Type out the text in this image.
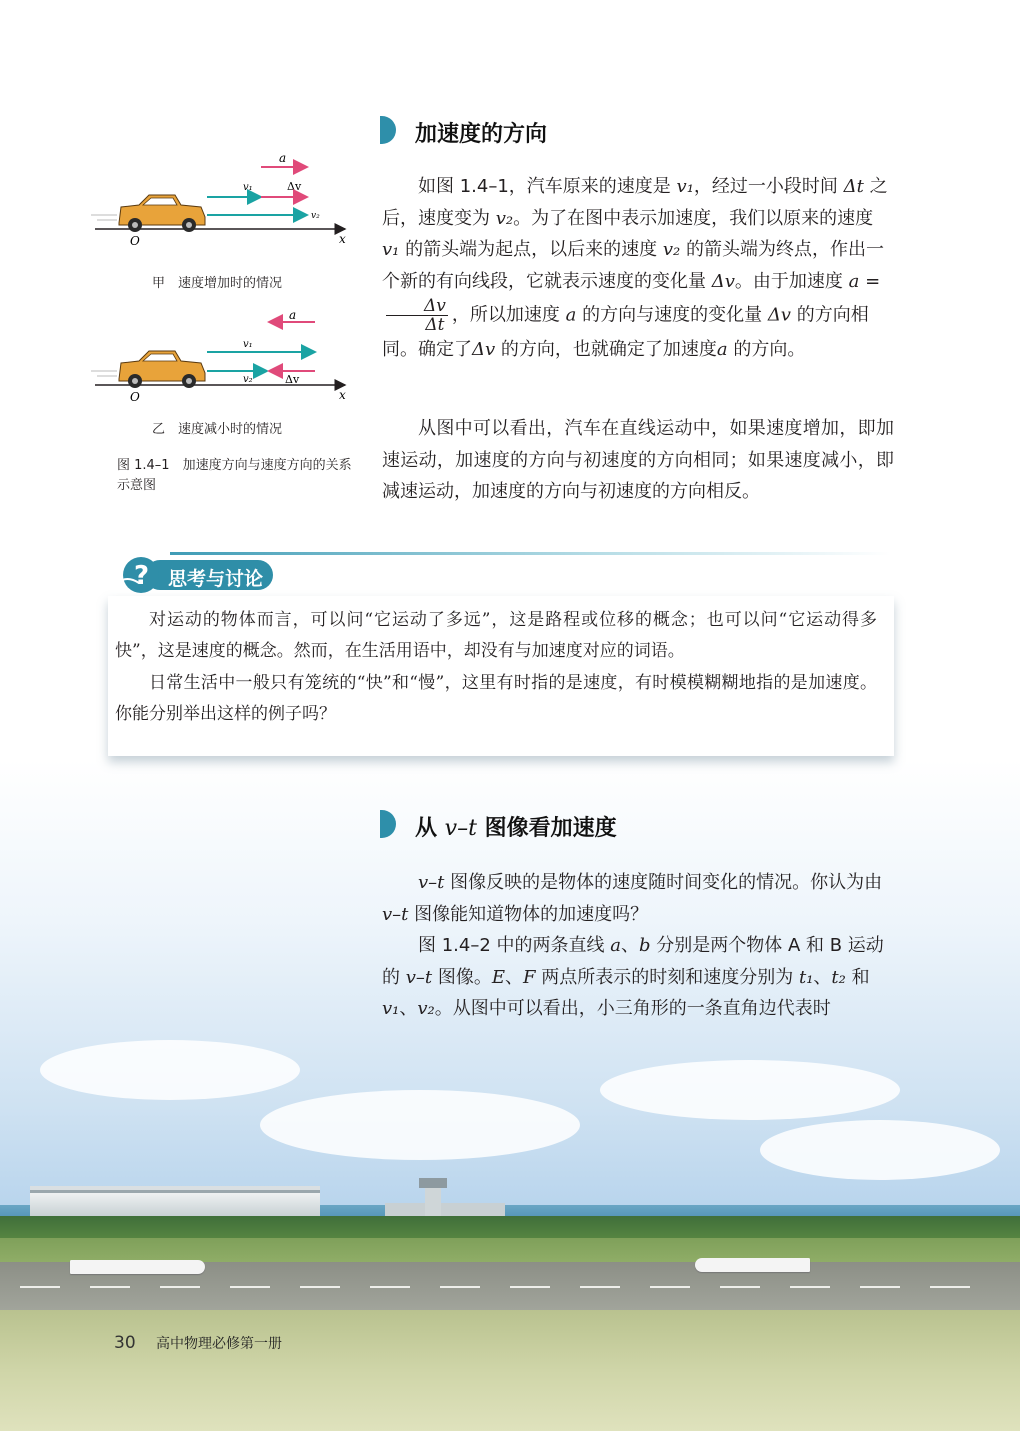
加速度的方向
a
v₁	Δv
v₂
O	x
a
v₁
v₂	Δv
O	x
甲　速度增加时的情况
乙　速度减小时的情况
图 1.4–1　加速度方向与速度方向的关系示意图
如图 1.4–1，汽车原来的速度是 v₁，经过一小段时间 Δt 之后，速度变为 v₂。为了在图中表示加速度，我们以原来的速度 v₁ 的箭头端为起点，以后来的速度 v₂ 的箭头端为终点，作出一个新的有向线段，它就表示速度的变化量 Δv。由于加速度 a =
$\frac{\Delta v}{\Delta t}$ ，所以加速度 a 的方向与速度的变化量 Δv 的方向相同。确定了Δv 的方向，也就确定了加速度a 的方向。
从图中可以看出，汽车在直线运动中，如果速度增加，即加速运动，加速度的方向与初速度的方向相同；如果速度减小，即减速运动，加速度的方向与初速度的方向相反。
? 思考与讨论
对运动的物体而言，可以问“它运动了多远”，这是路程或位移的概念；也可以问“它运动得多快”，这是速度的概念。然而，在生活用语中，却没有与加速度对应的词语。
日常生活中一般只有笼统的“快”和“慢”，这里有时指的是速度，有时模模糊糊地指的是加速度。你能分别举出这样的例子吗？
从 v–t 图像看加速度
v–t 图像反映的是物体的速度随时间变化的情况。你认为由 v–t 图像能知道物体的加速度吗？
图 1.4–2 中的两条直线 a、b 分别是两个物体 A 和 B 运动的 v–t 图像。E、F 两点所表示的时刻和速度分别为 t₁、t₂ 和 v₁、v₂。从图中可以看出，小三角形的一条直角边代表时
30 高中物理必修第一册
